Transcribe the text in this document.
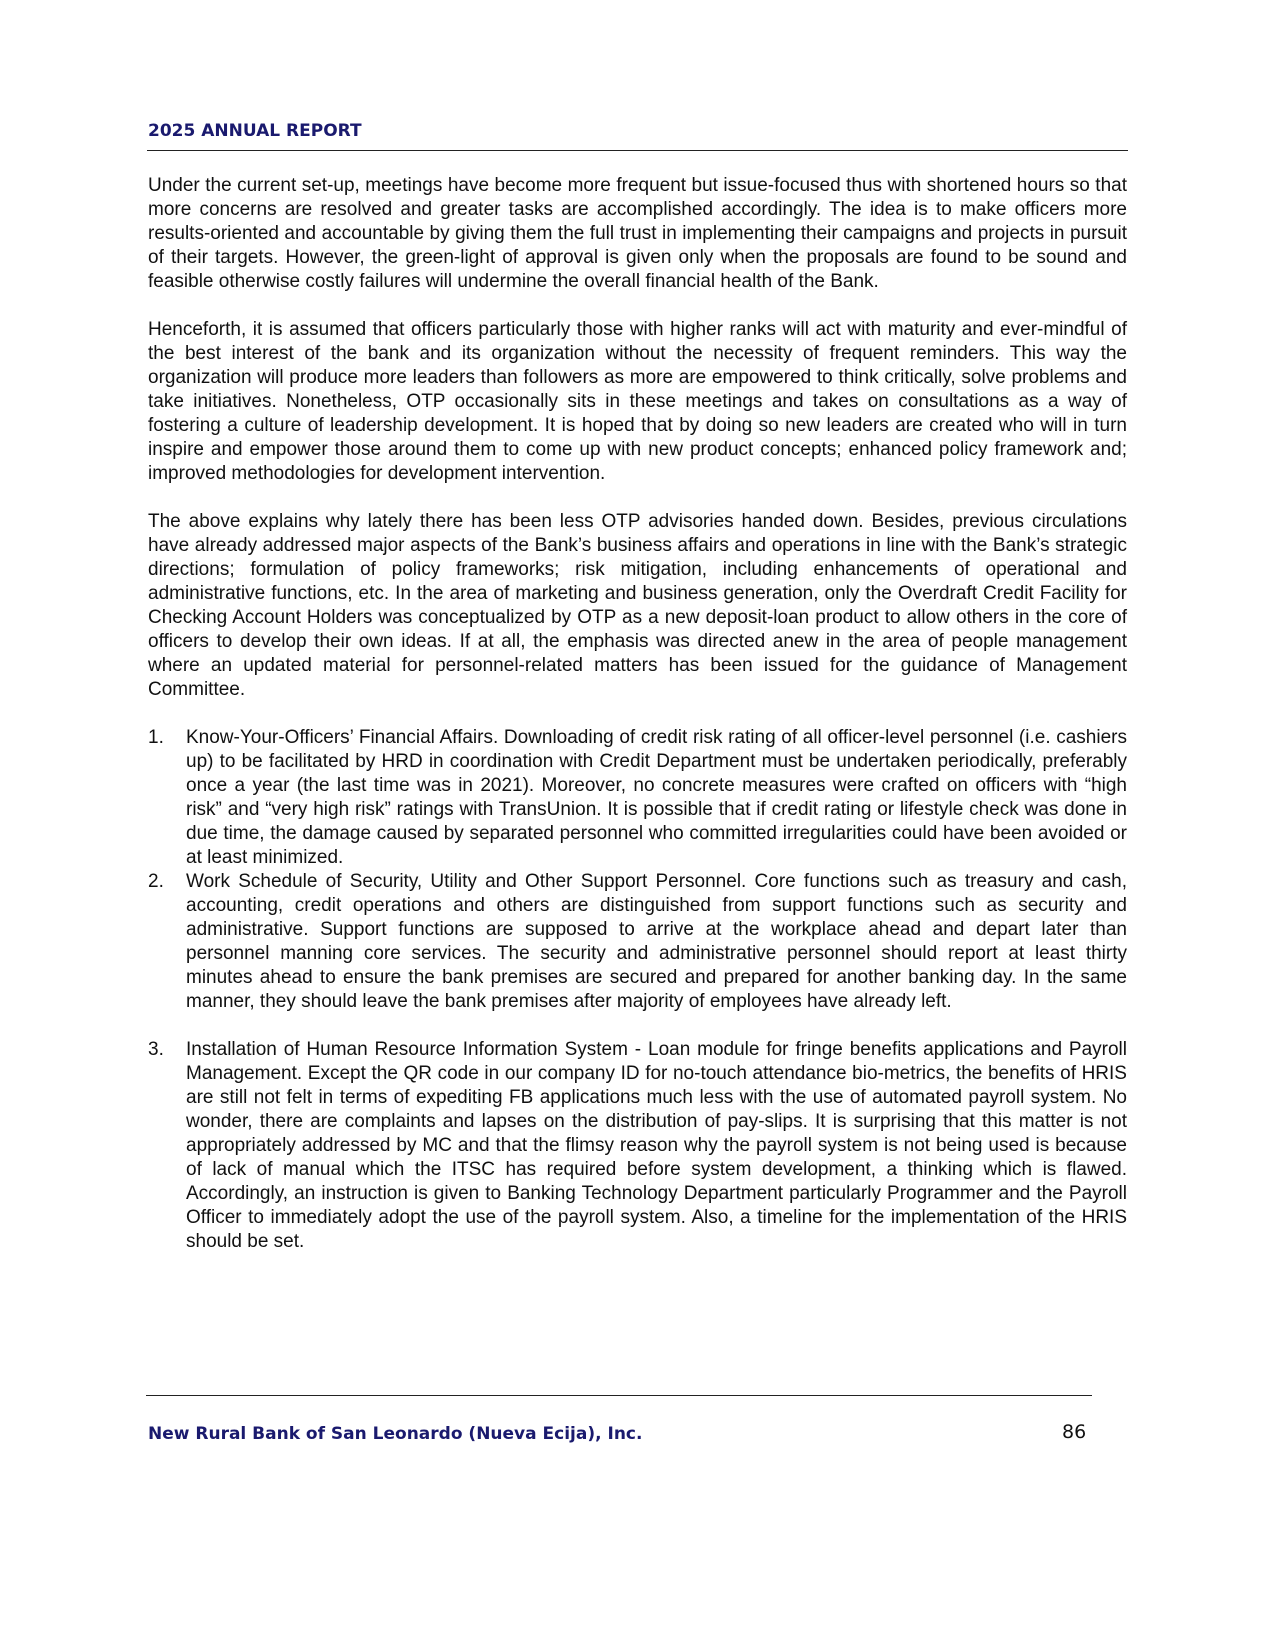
2025 ANNUAL REPORT

Under the current set-up, meetings have become more frequent but issue-focused thus with shortened hours so that more concerns are resolved and greater tasks are accomplished accordingly. The idea is to make officers more results-oriented and accountable by giving them the full trust in implementing their campaigns and projects in pursuit of their targets. However, the green-light of approval is given only when the proposals are found to be sound and feasible otherwise costly failures will undermine the overall financial health of the Bank.

Henceforth, it is assumed that officers particularly those with higher ranks will act with maturity and ever-mindful of the best interest of the bank and its organization without the necessity of frequent reminders. This way the organization will produce more leaders than followers as more are empowered to think critically, solve problems and take initiatives. Nonetheless, OTP occasionally sits in these meetings and takes on consultations as a way of fostering a culture of leadership development. It is hoped that by doing so new leaders are created who will in turn inspire and empower those around them to come up with new product concepts; enhanced policy framework and; improved methodologies for development intervention.

The above explains why lately there has been less OTP advisories handed down. Besides, previous circulations have already addressed major aspects of the Bank’s business affairs and operations in line with the Bank’s strategic directions; formulation of policy frameworks; risk mitigation, including enhancements of operational and administrative functions, etc. In the area of marketing and business generation, only the Overdraft Credit Facility for Checking Account Holders was conceptualized by OTP as a new deposit-loan product to allow others in the core of officers to develop their own ideas. If at all, the emphasis was directed anew in the area of people management where an updated material for personnel-related matters has been issued for the guidance of Management Committee.

1. Know-Your-Officers’ Financial Affairs. Downloading of credit risk rating of all officer-level personnel (i.e. cashiers up) to be facilitated by HRD in coordination with Credit Department must be undertaken periodically, preferably once a year (the last time was in 2021). Moreover, no concrete measures were crafted on officers with “high risk” and “very high risk” ratings with TransUnion. It is possible that if credit rating or lifestyle check was done in due time, the damage caused by separated personnel who committed irregularities could have been avoided or at least minimized.
2. Work Schedule of Security, Utility and Other Support Personnel. Core functions such as treasury and cash, accounting, credit operations and others are distinguished from support functions such as security and administrative. Support functions are supposed to arrive at the workplace ahead and depart later than personnel manning core services. The security and administrative personnel should report at least thirty minutes ahead to ensure the bank premises are secured and prepared for another banking day. In the same manner, they should leave the bank premises after majority of employees have already left.
3. Installation of Human Resource Information System - Loan module for fringe benefits applications and Payroll Management. Except the QR code in our company ID for no-touch attendance bio-metrics, the benefits of HRIS are still not felt in terms of expediting FB applications much less with the use of automated payroll system. No wonder, there are complaints and lapses on the distribution of pay-slips. It is surprising that this matter is not appropriately addressed by MC and that the flimsy reason why the payroll system is not being used is because of lack of manual which the ITSC has required before system development, a thinking which is flawed. Accordingly, an instruction is given to Banking Technology Department particularly Programmer and the Payroll Officer to immediately adopt the use of the payroll system. Also, a timeline for the implementation of the HRIS should be set.
New Rural Bank of San Leonardo (Nueva Ecija), Inc.	86
